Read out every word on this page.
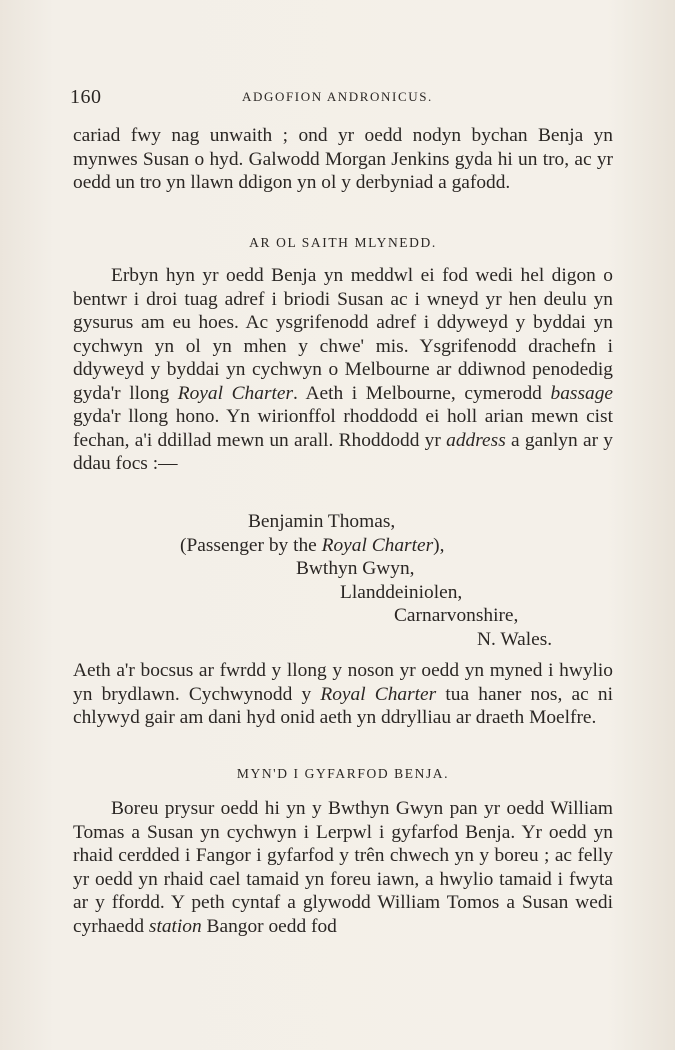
160	ADGOFION ANDRONICUS.

cariad fwy nag unwaith ; ond yr oedd nodyn bychan Benja yn mynwes Susan o hyd. Galwodd Morgan Jenkins gyda hi un tro, ac yr oedd un tro yn llawn ddigon yn ol y derbyniad a gafodd.

AR OL SAITH MLYNEDD.

Erbyn hyn yr oedd Benja yn meddwl ei fod wedi hel digon o bentwr i droi tuag adref i briodi Susan ac i wneyd yr hen deulu yn gysurus am eu hoes. Ac ysgrifenodd adref i ddyweyd y byddai yn cychwyn yn ol yn mhen y chwe' mis. Ysgrifenodd drachefn i ddyweyd y byddai yn cychwyn o Melbourne ar ddiwnod penodedig gyda'r llong Royal Charter. Aeth i Melbourne, cymerodd bassage gyda'r llong hono. Yn wirionffol rhoddodd ei holl arian mewn cist fechan, a'i ddillad mewn un arall. Rhoddodd yr address a ganlyn ar y ddau focs :—

Benjamin Thomas,
(Passenger by the Royal Charter),
Bwthyn Gwyn,
Llanddeiniolen,
Carnarvonshire,
N. Wales.

Aeth a'r bocsus ar fwrdd y llong y noson yr oedd yn myned i hwylio yn brydlawn. Cychwynodd y Royal Charter tua haner nos, ac ni chlywyd gair am dani hyd onid aeth yn ddrylliau ar draeth Moelfre.

MYN'D I GYFARFOD BENJA.

Boreu prysur oedd hi yn y Bwthyn Gwyn pan yr oedd William Tomas a Susan yn cychwyn i Lerpwl i gyfarfod Benja. Yr oedd yn rhaid cerdded i Fangor i gyfarfod y trên chwech yn y boreu ; ac felly yr oedd yn rhaid cael tamaid yn foreu iawn, a hwylio tamaid i fwyta ar y ffordd. Y peth cyntaf a glywodd William Tomos a Susan wedi cyrhaedd station Bangor oedd fod
